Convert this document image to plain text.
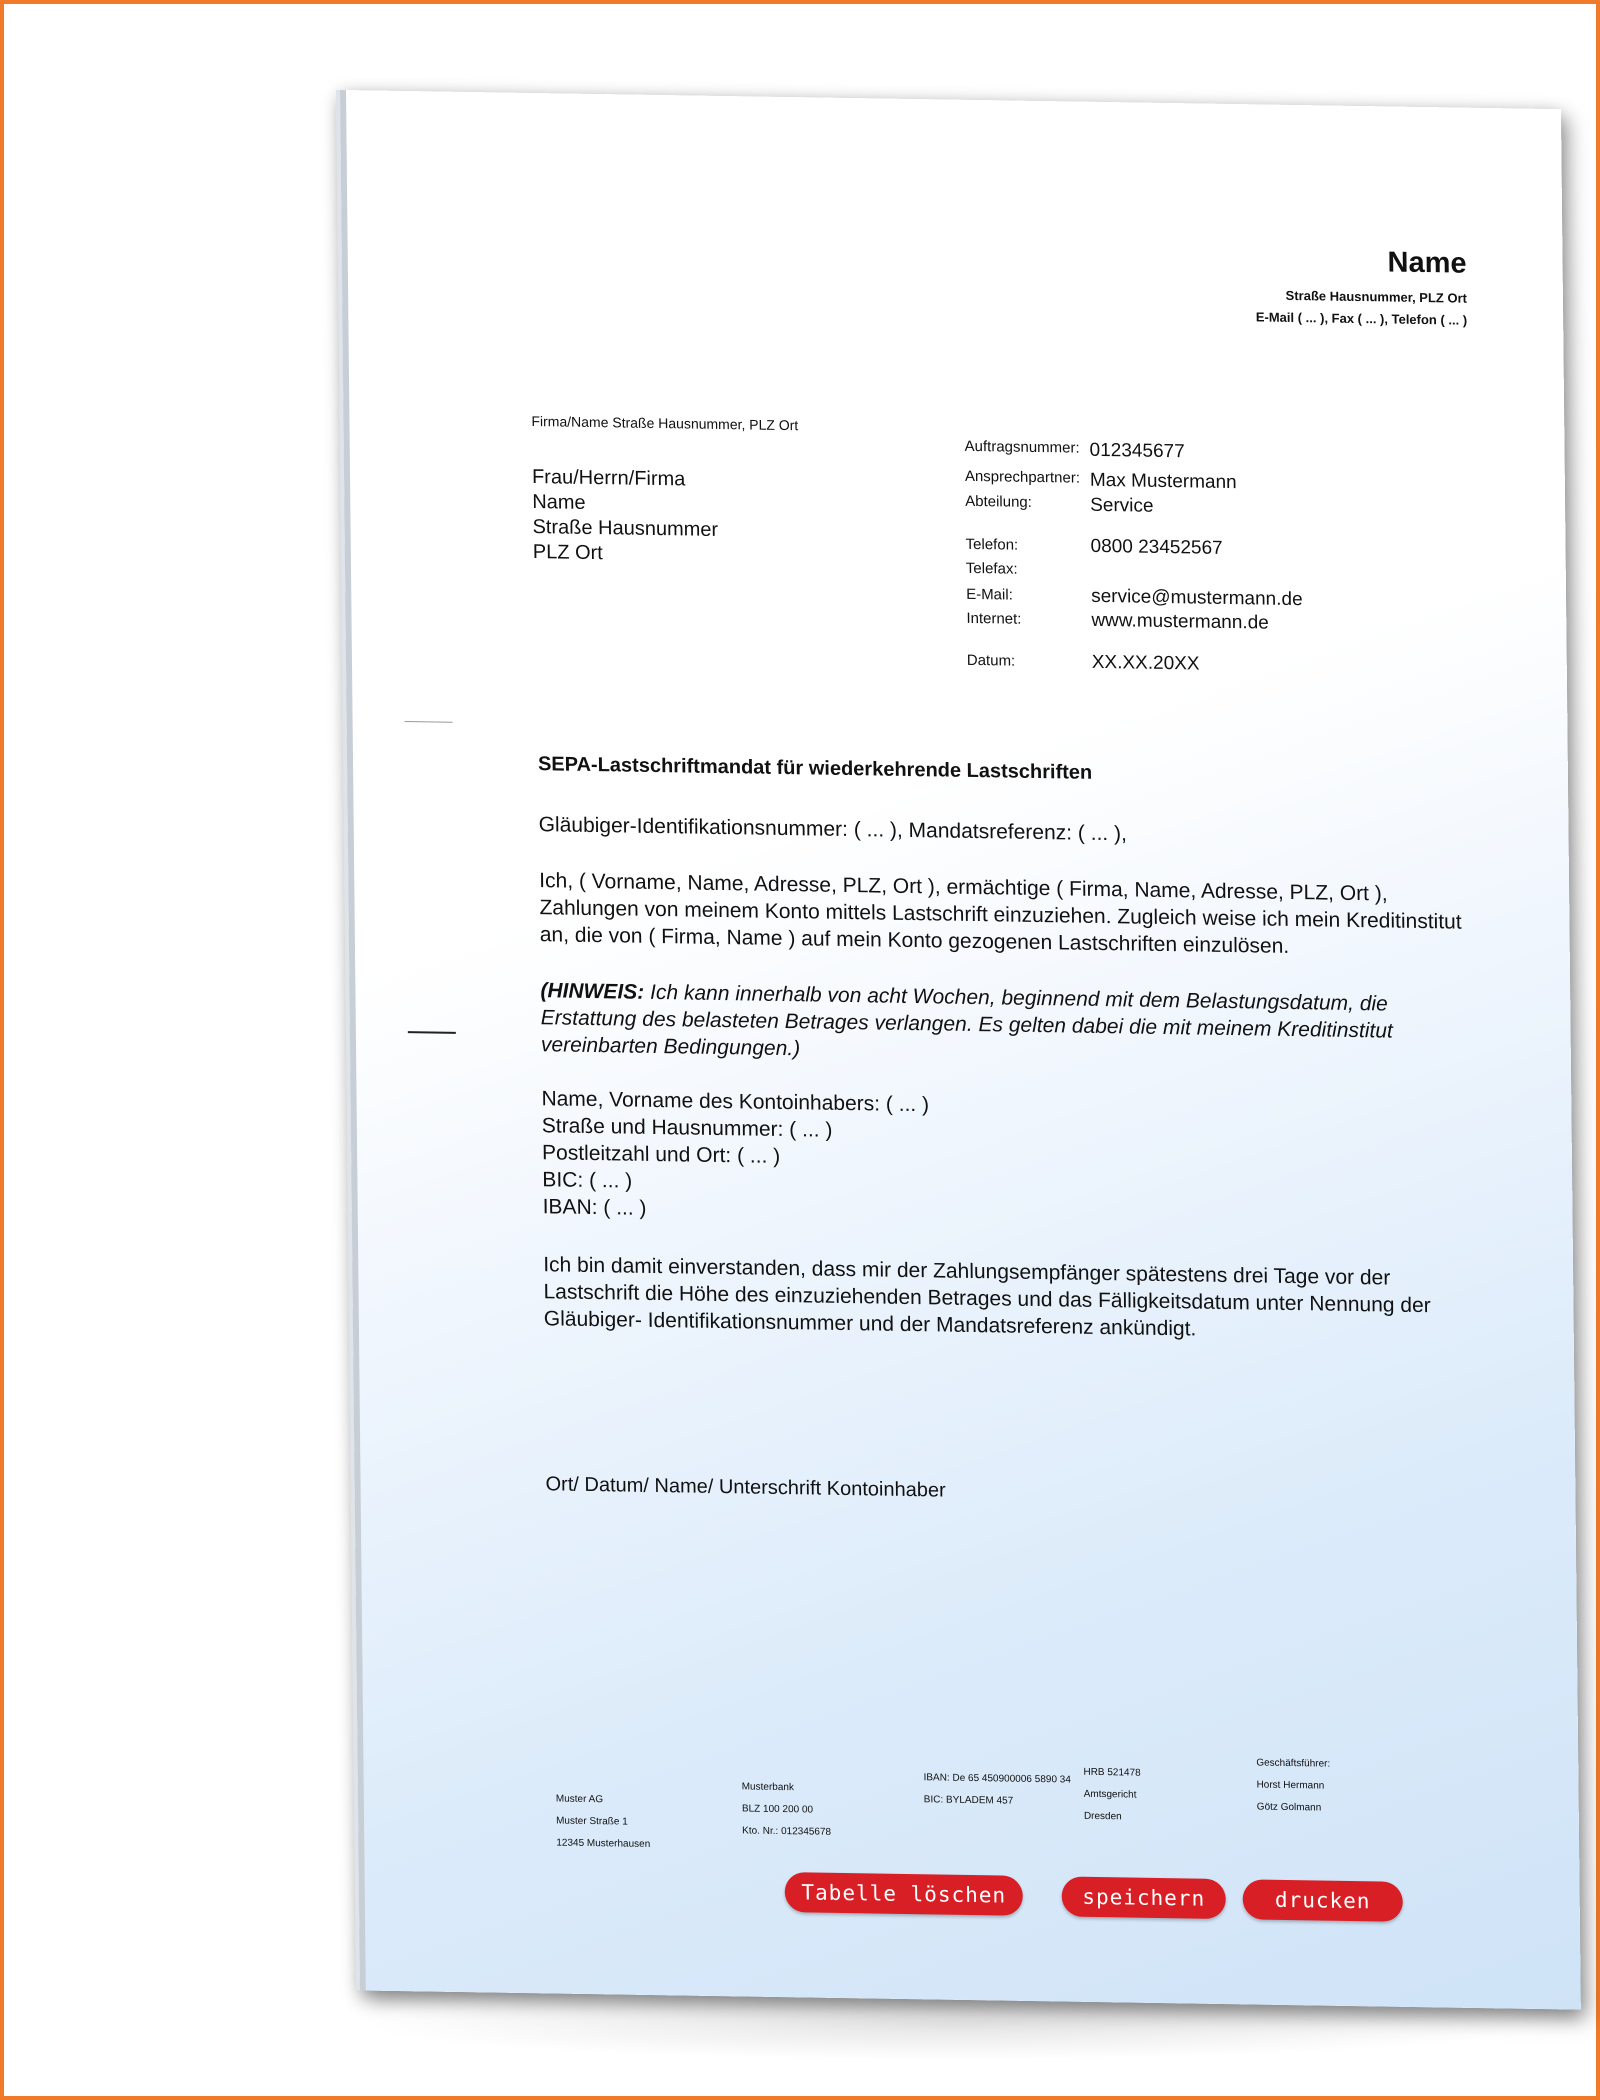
Name
Straße Hausnummer, PLZ Ort
E-Mail ( ... ), Fax ( ... ), Telefon ( ... )
Firma/Name Straße Hausnummer, PLZ Ort
Frau/Herrn/Firma
Name
Straße Hausnummer
PLZ Ort
Auftragsnummer: 012345677
Ansprechpartner: Max Mustermann
Abteilung:	Service
Telefon:	0800 23452567
Telefax:
E-Mail:	service@mustermann.de
Internet:	www.mustermann.de
Datum:	XX.XX.20XX
SEPA-Lastschriftmandat für wiederkehrende Lastschriften
Gläubiger-Identifikationsnummer: ( ... ), Mandatsreferenz: ( ... ),
Ich, ( Vorname, Name, Adresse, PLZ, Ort ), ermächtige ( Firma, Name, Adresse, PLZ, Ort ), Zahlungen von meinem Konto mittels Lastschrift einzuziehen. Zugleich weise ich mein Kreditinstitut an, die von ( Firma, Name ) auf mein Konto gezogenen Lastschriften einzulösen.
(HINWEIS: Ich kann innerhalb von acht Wochen, beginnend mit dem Belastungsdatum, die Erstattung des belasteten Betrages verlangen. Es gelten dabei die mit meinem Kreditinstitut vereinbarten Bedingungen.)
Name, Vorname des Kontoinhabers: ( ... )
Straße und Hausnummer: ( ... )
Postleitzahl und Ort: ( ... )
BIC: ( ... )
IBAN: ( ... )
Ich bin damit einverstanden, dass mir der Zahlungsempfänger spätestens drei Tage vor der Lastschrift die Höhe des einzuziehenden Betrages und das Fälligkeitsdatum unter Nennung der Gläubiger- Identifikationsnummer und der Mandatsreferenz ankündigt.
Ort/ Datum/ Name/ Unterschrift Kontoinhaber
Muster AG
Muster Straße 1
12345 Musterhausen
Musterbank
BLZ 100 200 00
Kto. Nr.: 012345678
IBAN: De 65 450900006 5890 34
BIC: BYLADEM 457
HRB 521478
Amtsgericht
Dresden
Geschäftsführer:
Horst Hermann
Götz Golmann
Tabelle löschen	speichern	drucken
